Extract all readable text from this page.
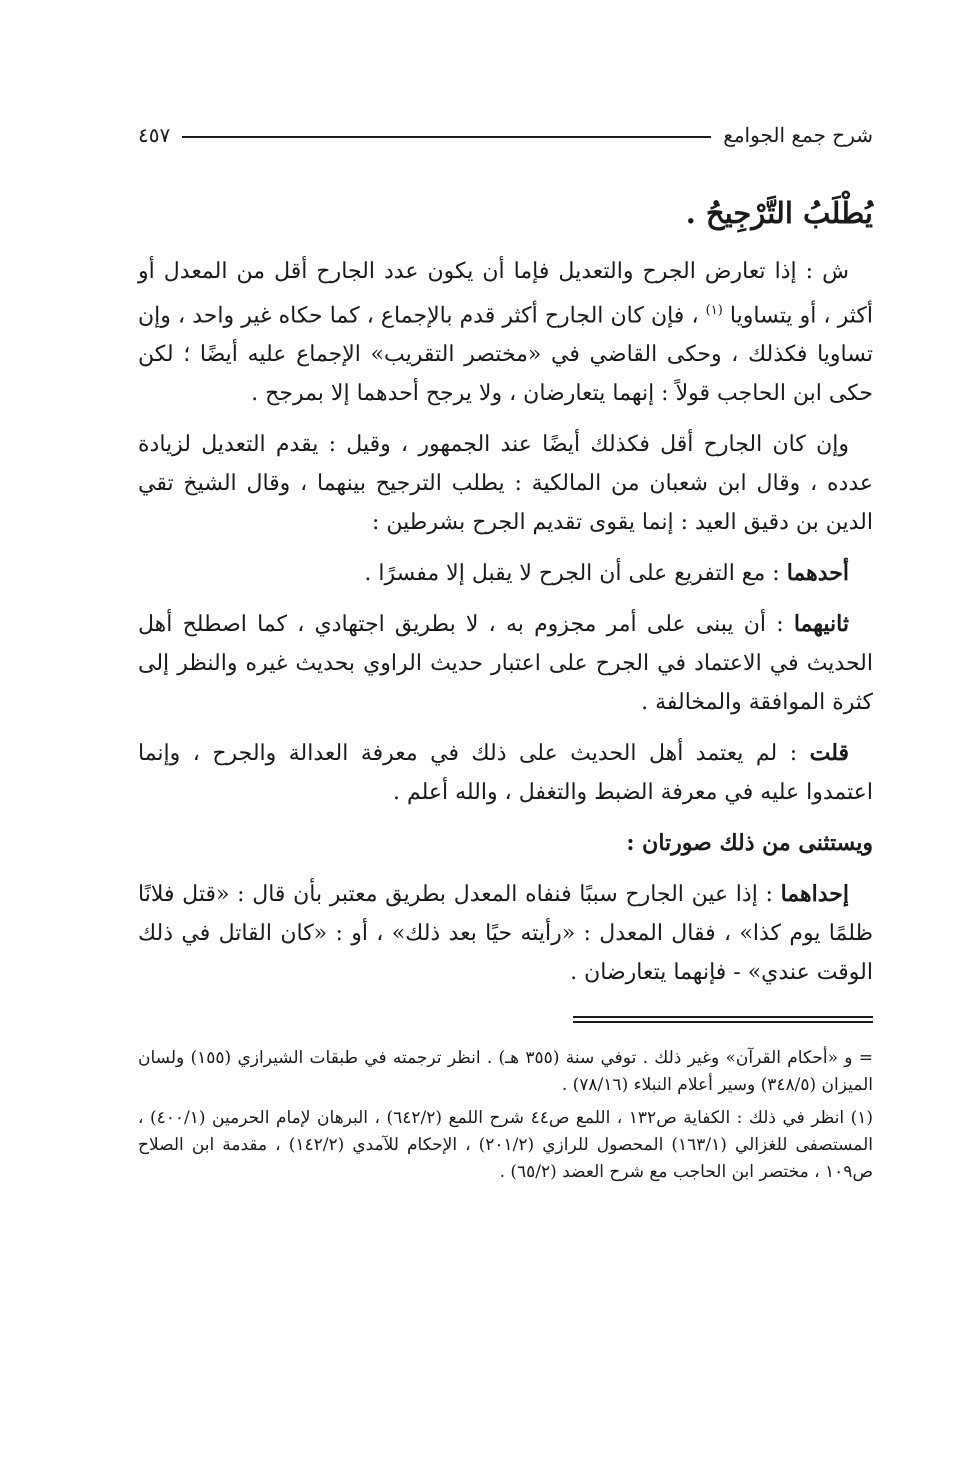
شرح جمع الجوامع
٤٥٧
يُطْلَبُ التَّرْجِيحُ .

ش : إذا تعارض الجرح والتعديل فإما أن يكون عدد الجارح أقل من المعدل أو أكثر ، أو يتساويا $^{(١)}$ ، فإن كان الجارح أكثر قدم بالإجماع ، كما حكاه غير واحد ، وإن تساويا فكذلك ، وحكى القاضي في «مختصر التقريب» الإجماع عليه أيضًا ؛ لكن حكى ابن الحاجب قولاً : إنهما يتعارضان ، ولا يرجح أحدهما إلا بمرجح .

وإن كان الجارح أقل فكذلك أيضًا عند الجمهور ، وقيل : يقدم التعديل لزيادة عدده ، وقال ابن شعبان من المالكية : يطلب الترجيح بينهما ، وقال الشيخ تقي الدين بن دقيق العيد : إنما يقوى تقديم الجرح بشرطين :

أحدهما : مع التفريع على أن الجرح لا يقبل إلا مفسرًا .

ثانيهما : أن يبنى على أمر مجزوم به ، لا بطريق اجتهادي ، كما اصطلح أهل الحديث في الاعتماد في الجرح على اعتبار حديث الراوي بحديث غيره والنظر إلى كثرة الموافقة والمخالفة .

قلت : لم يعتمد أهل الحديث على ذلك في معرفة العدالة والجرح ، وإنما اعتمدوا عليه في معرفة الضبط والتغفل ، والله أعلم .

ويستثنى من ذلك صورتان :

إحداهما : إذا عين الجارح سببًا فنفاه المعدل بطريق معتبر بأن قال : «قتل فلانًا ظلمًا يوم كذا» ، فقال المعدل : «رأيته حيًا بعد ذلك» ، أو : «كان القاتل في ذلك الوقت عندي» - فإنهما يتعارضان .

= و «أحكام القرآن» وغير ذلك . توفي سنة (٣٥٥ هـ) . انظر ترجمته في طبقات الشيرازي (١٥٥) ولسان الميزان (٣٤٨/٥) وسير أعلام النبلاء (٧٨/١٦) .

(١) انظر في ذلك : الكفاية ص١٣٢ ، اللمع ص٤٤ شرح اللمع (٦٤٢/٢) ، البرهان لإمام الحرمين (٤٠٠/١) ، المستصفى للغزالي (١٦٣/١) المحصول للرازي (٢٠١/٢) ، الإحكام للآمدي (١٤٢/٢) ، مقدمة ابن الصلاح ص١٠٩ ، مختصر ابن الحاجب مع شرح العضد (٦٥/٢) .
